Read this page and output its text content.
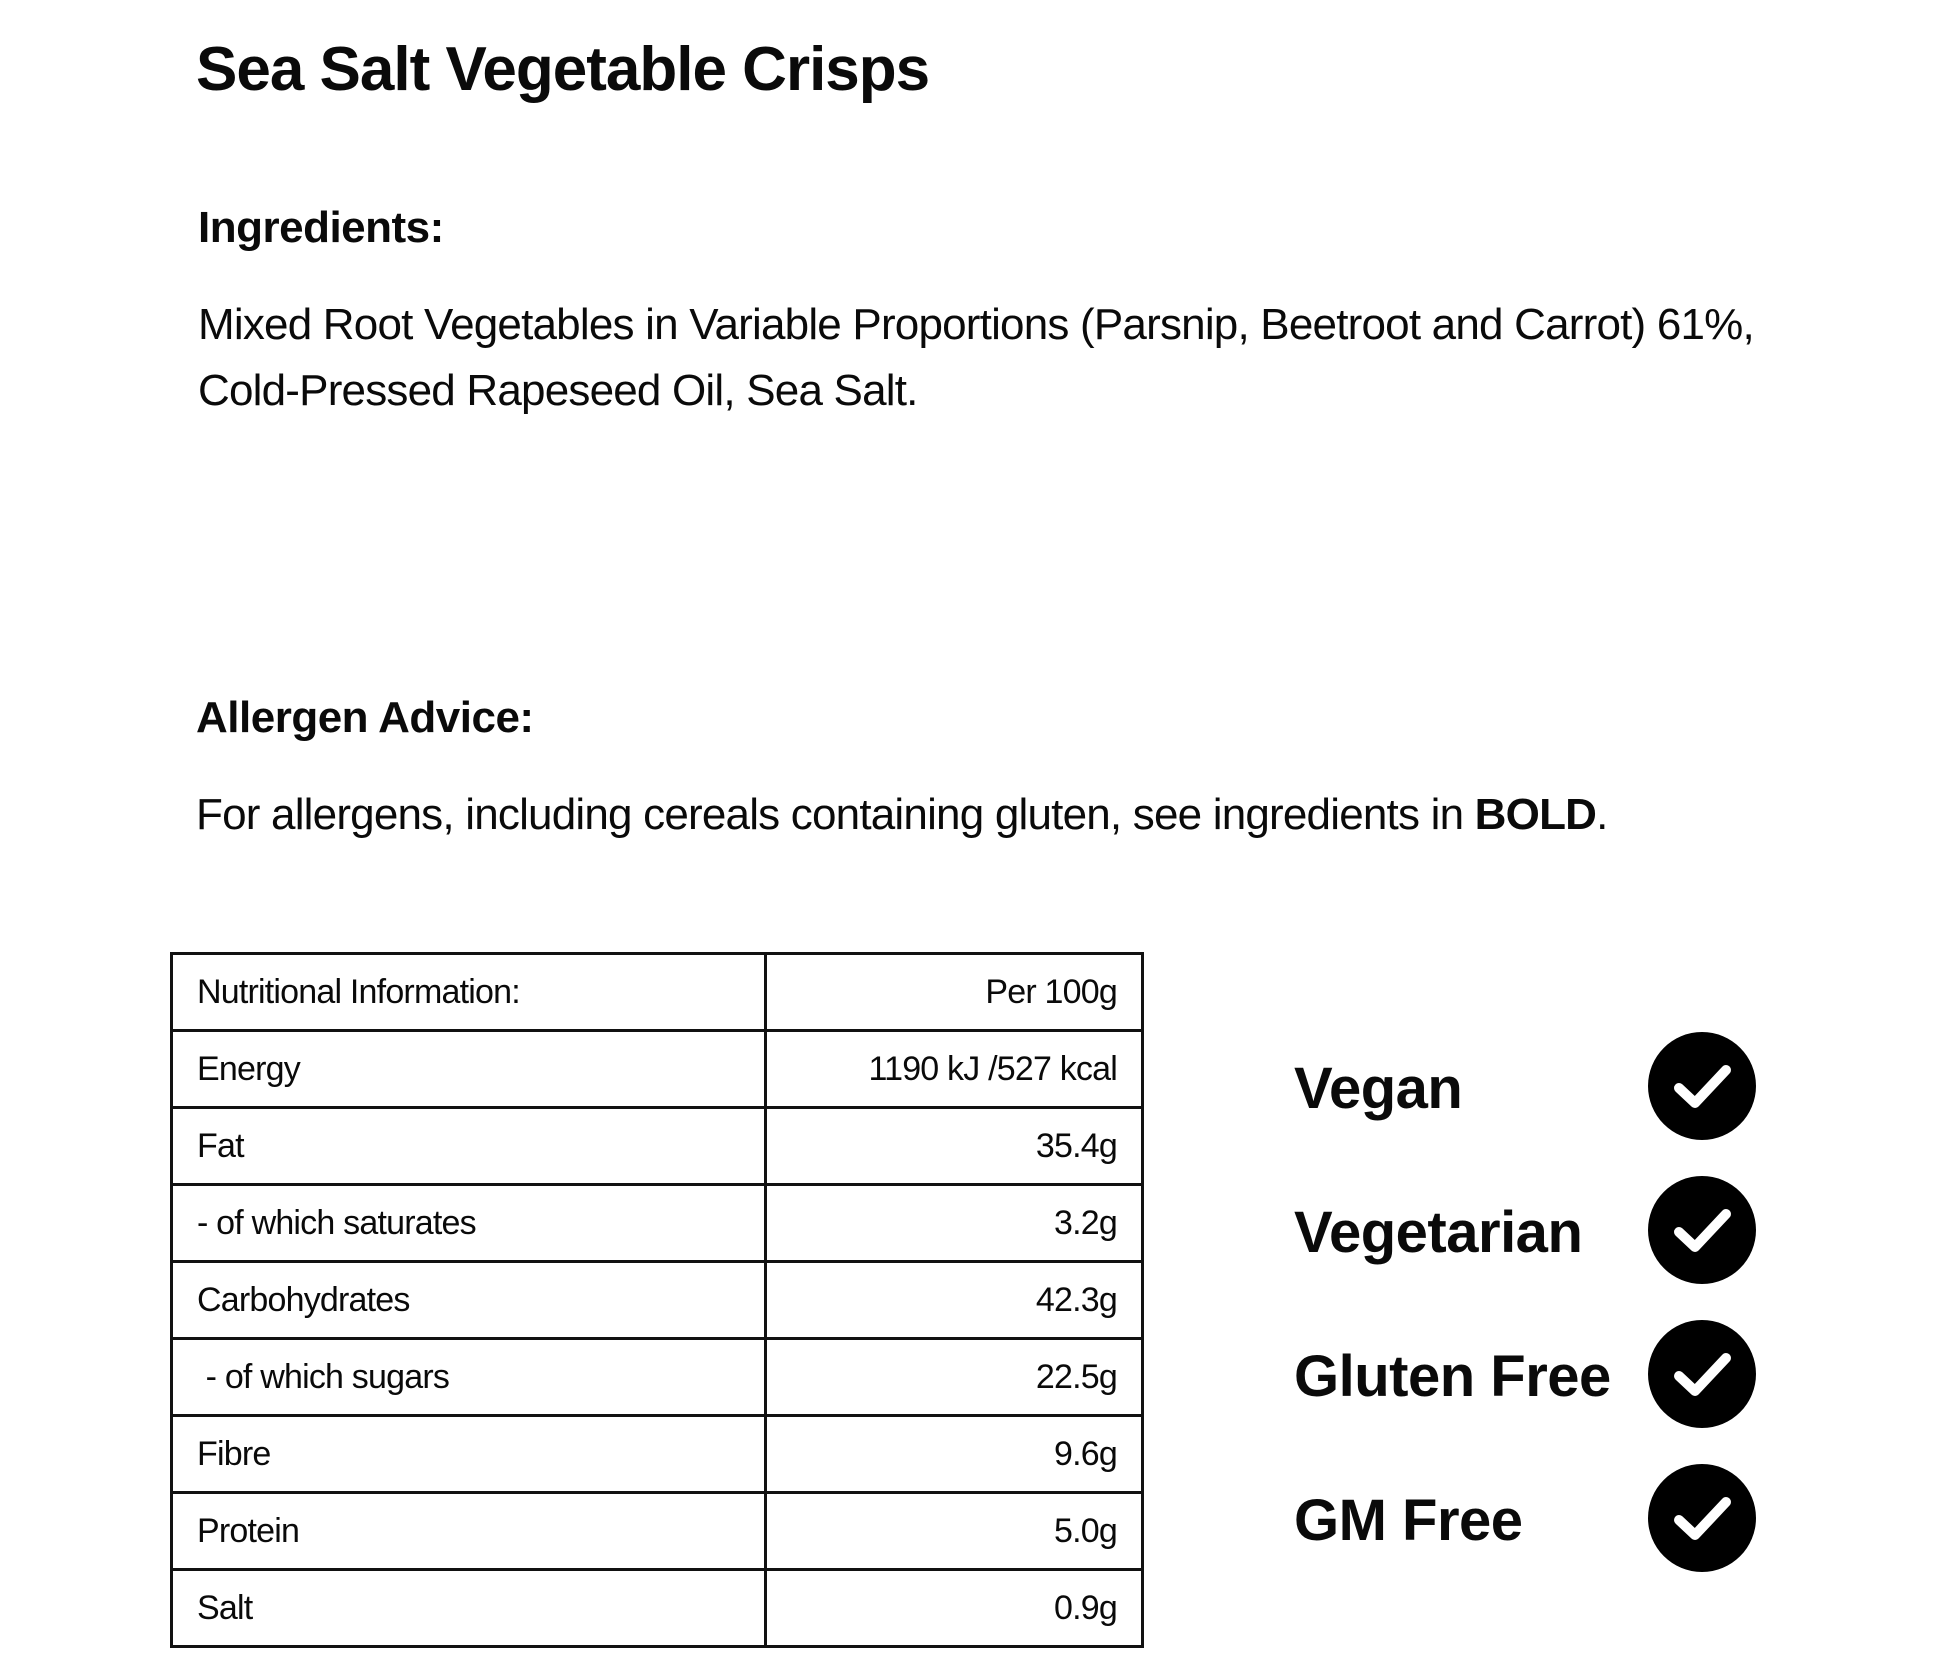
Sea Salt Vegetable Crisps
Ingredients:
Mixed Root Vegetables in Variable Proportions (Parsnip, Beetroot and Carrot) 61%,
Cold-Pressed Rapeseed Oil, Sea Salt.
Allergen Advice:
For allergens, including cereals containing gluten, see ingredients in BOLD.
Nutritional Information:	Per 100g
Energy	1190 kJ /527 kcal
Fat	35.4g
- of which saturates	3.2g
Carbohydrates	42.3g
- of which sugars	22.5g
Fibre	9.6g
Protein	5.0g
Salt	0.9g
Vegan
Vegetarian
Gluten Free
GM Free
